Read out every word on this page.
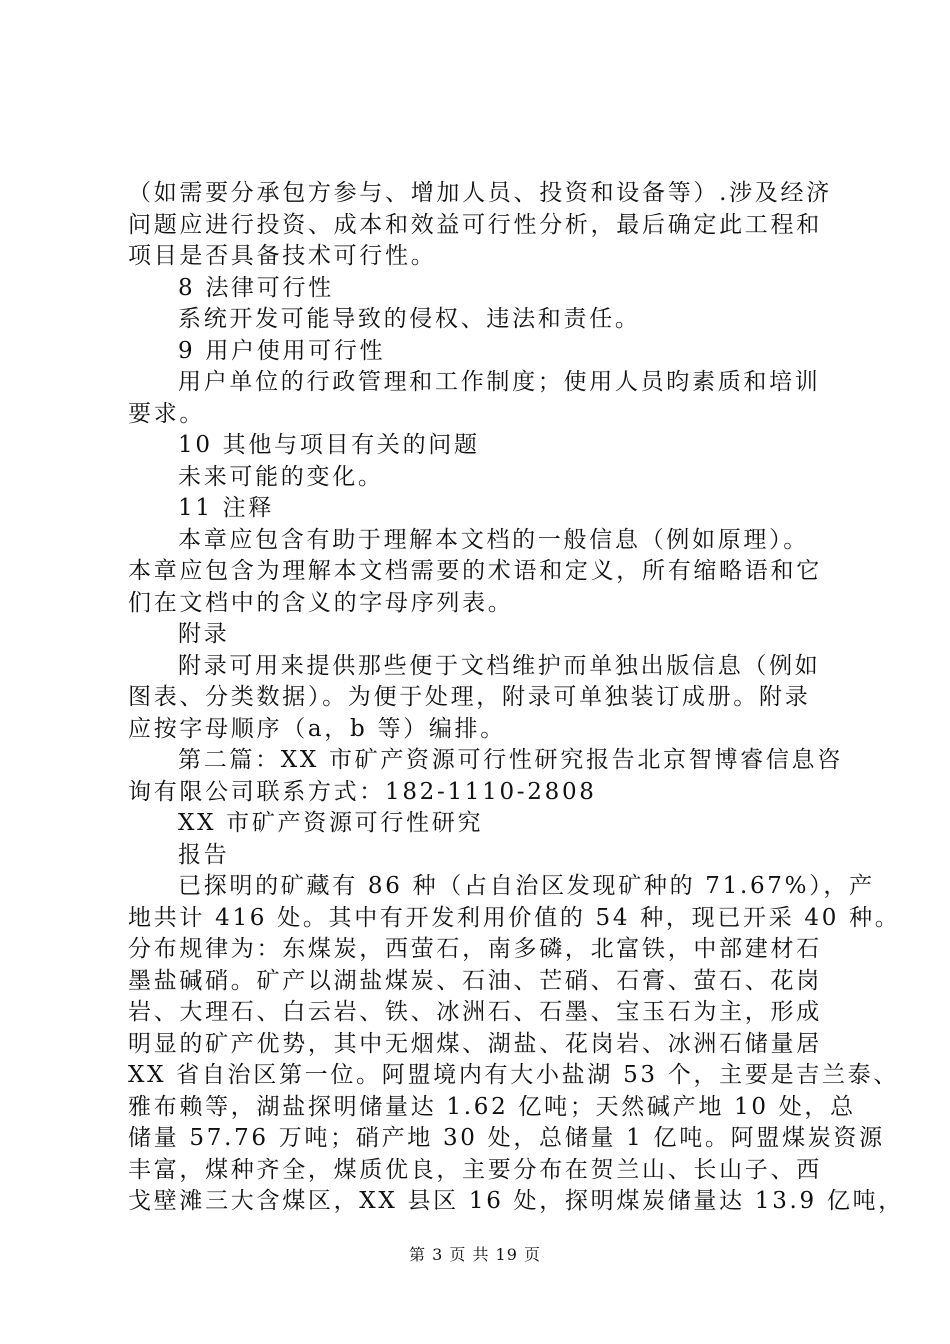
（如需要分承包方参与、增加人员、投资和设备等）.涉及经济
问题应进行投资、成本和效益可行性分析，最后确定此工程和
项目是否具备技术可行性。
8 法律可行性
系统开发可能导致的侵权、违法和责任。
9 用户使用可行性
用户单位的行政管理和工作制度；使用人员昀素质和培训
要求。
10 其他与项目有关的问题
未来可能的变化。
11 注释
本章应包含有助于理解本文档的一般信息（例如原理）。
本章应包含为理解本文档需要的术语和定义，所有缩略语和它
们在文档中的含义的字母序列表。
附录
附录可用来提供那些便于文档维护而单独出版信息（例如
图表、分类数据）。为便于处理，附录可单独装订成册。附录
应按字母顺序（a，b 等）编排。
第二篇：XX 市矿产资源可行性研究报告北京智博睿信息咨
询有限公司联系方式：182-1110-2808
XX 市矿产资源可行性研究
报告
已探明的矿藏有 86 种（占自治区发现矿种的 71.67%），产
地共计 416 处。其中有开发利用价值的 54 种，现已开采 40 种。
分布规律为：东煤炭，西萤石，南多磷，北富铁，中部建材石
墨盐碱硝。矿产以湖盐煤炭、石油、芒硝、石膏、萤石、花岗
岩、大理石、白云岩、铁、冰洲石、石墨、宝玉石为主，形成
明显的矿产优势，其中无烟煤、湖盐、花岗岩、冰洲石储量居
XX 省自治区第一位。阿盟境内有大小盐湖 53 个，主要是吉兰泰、
雅布赖等，湖盐探明储量达 1.62 亿吨；天然碱产地 10 处，总
储量 57.76 万吨；硝产地 30 处，总储量 1 亿吨。阿盟煤炭资源
丰富，煤种齐全，煤质优良，主要分布在贺兰山、长山子、西
戈壁滩三大含煤区，XX 县区 16 处，探明煤炭储量达 13.9 亿吨，
第 3 页 共 19 页
